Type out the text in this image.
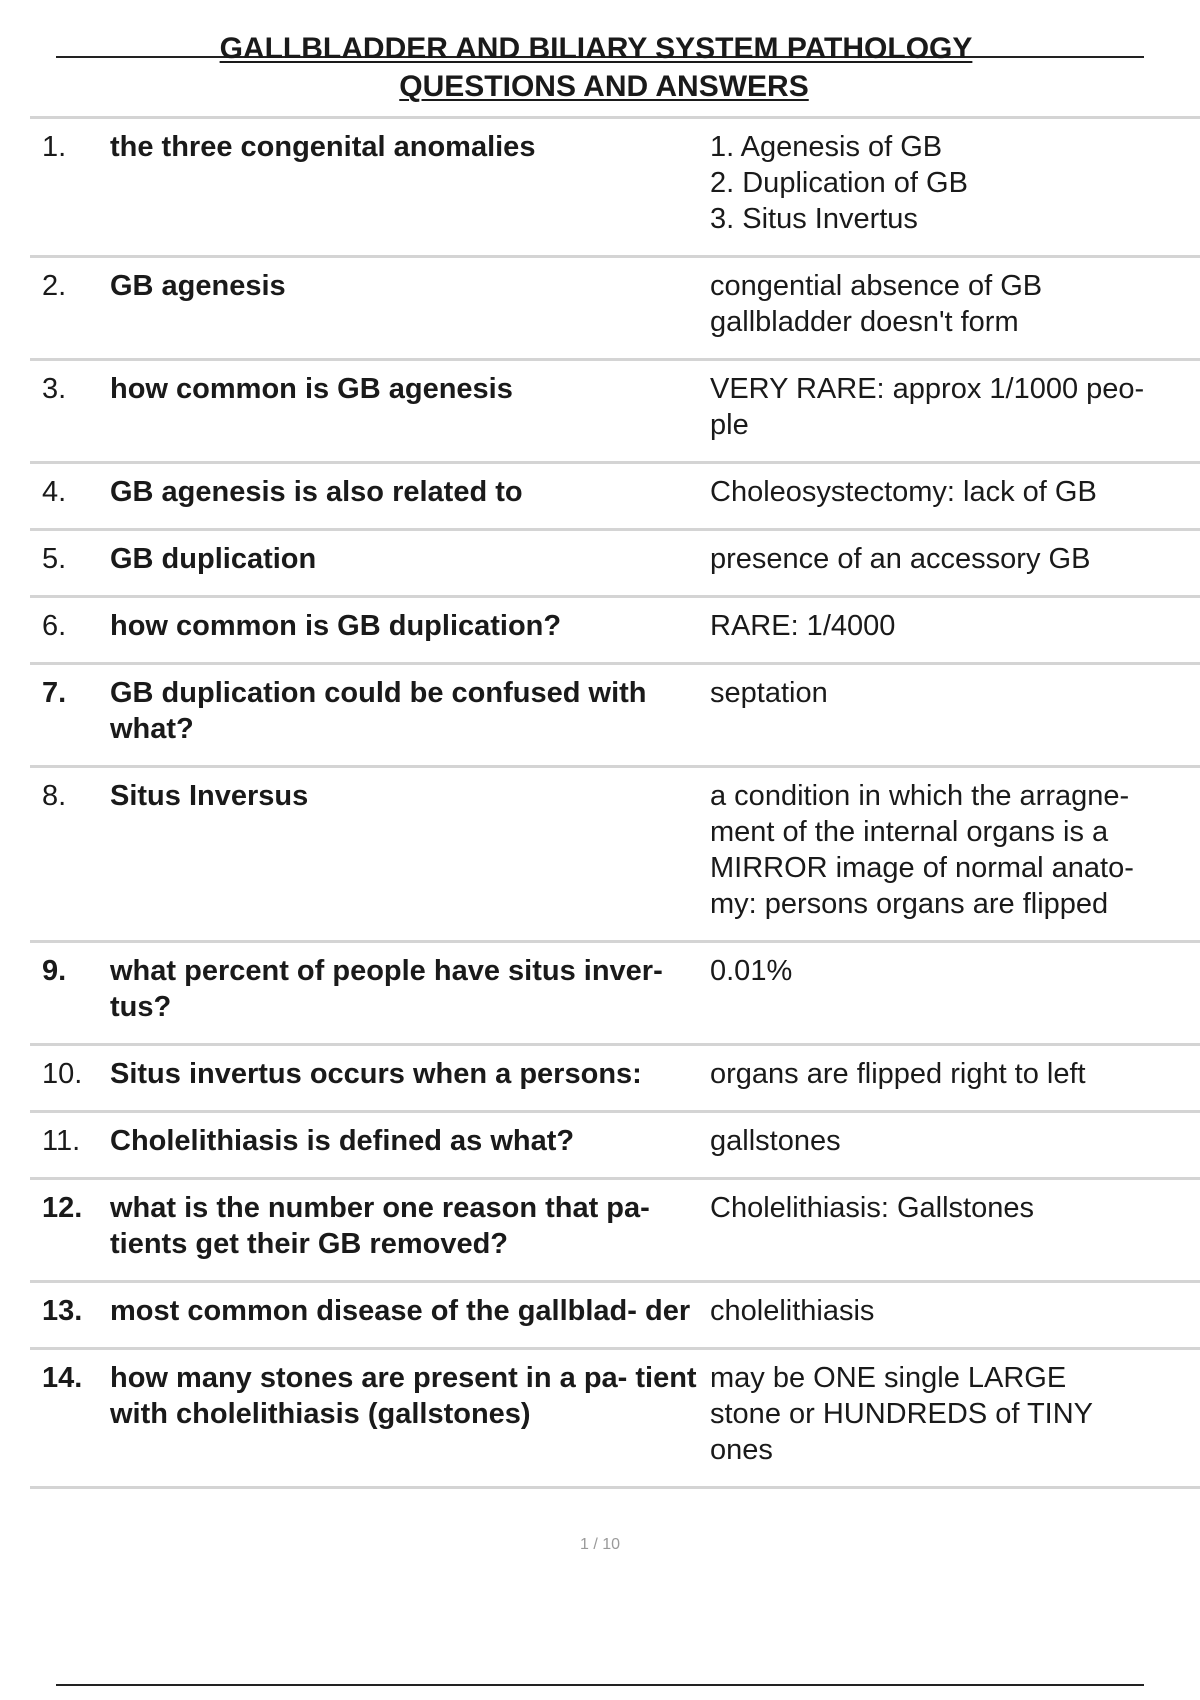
GALLBLADDER AND BILIARY SYSTEM PATHOLOGY
QUESTIONS AND ANSWERS
1.	the three congenital anomalies	1. Agenesis of GB
2. Duplication of GB
3. Situs Invertus

2.	GB agenesis	congential absence of GB
gallbladder doesn't form

3.	how common is GB agenesis	VERY RARE: approx 1/1000 peo-
ple

4.	GB agenesis is also related to	Choleosystectomy: lack of GB

5.	GB duplication	presence of an accessory GB

6.	how common is GB duplication?	RARE: 1/4000

7.	GB duplication could be confused with what?	septation

8.	Situs Inversus	a condition in which the arragne-
ment of the internal organs is a
MIRROR image of normal anato-
my: persons organs are flipped

9.	what percent of people have situs inver- tus?	0.01%

10.	Situs invertus occurs when a persons:	organs are flipped right to left

11.	Cholelithiasis is defined as what?	gallstones

12.	what is the number one reason that pa- tients get their GB removed?	Cholelithiasis: Gallstones

13.	most common disease of the gallblad- der	cholelithiasis

14.	how many stones are present in a pa- tient with cholelithiasis (gallstones)	may be ONE single LARGE
stone or HUNDREDS of TINY
ones
1 / 10
